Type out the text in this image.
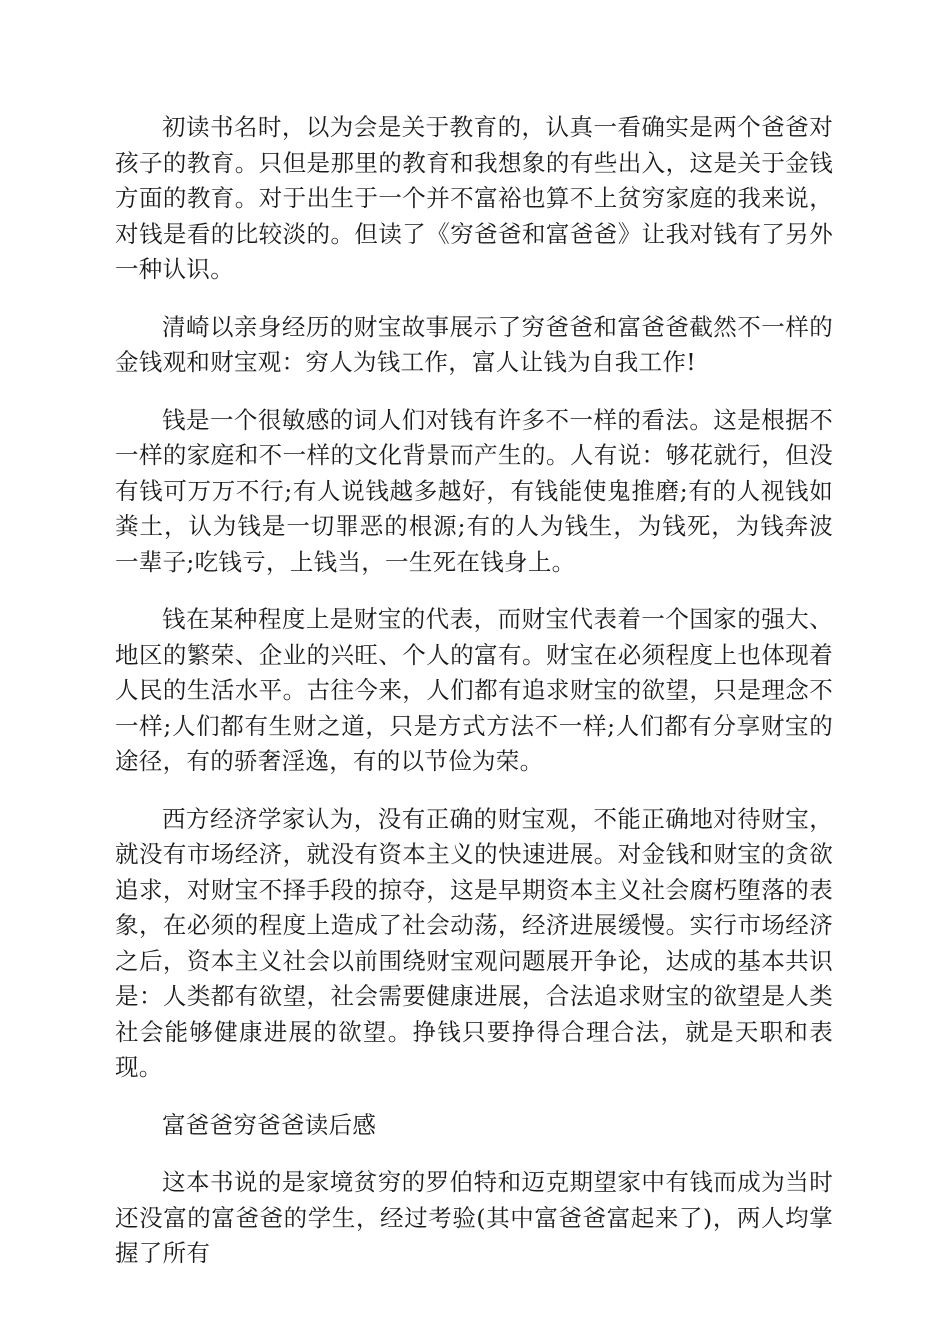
初读书名时，以为会是关于教育的，认真一看确实是两个爸爸对孩子的教育。只但是那里的教育和我想象的有些出入，这是关于金钱方面的教育。对于出生于一个并不富裕也算不上贫穷家庭的我来说，对钱是看的比较淡的。但读了《穷爸爸和富爸爸》让我对钱有了另外一种认识。

清崎以亲身经历的财宝故事展示了穷爸爸和富爸爸截然不一样的金钱观和财宝观：穷人为钱工作，富人让钱为自我工作!

钱是一个很敏感的词人们对钱有许多不一样的看法。这是根据不一样的家庭和不一样的文化背景而产生的。人有说：够花就行，但没有钱可万万不行;有人说钱越多越好，有钱能使鬼推磨;有的人视钱如粪土，认为钱是一切罪恶的根源;有的人为钱生，为钱死，为钱奔波一辈子;吃钱亏，上钱当，一生死在钱身上。

钱在某种程度上是财宝的代表，而财宝代表着一个国家的强大、地区的繁荣、企业的兴旺、个人的富有。财宝在必须程度上也体现着人民的生活水平。古往今来，人们都有追求财宝的欲望，只是理念不一样;人们都有生财之道，只是方式方法不一样;人们都有分享财宝的途径，有的骄奢淫逸，有的以节俭为荣。

西方经济学家认为，没有正确的财宝观，不能正确地对待财宝，就没有市场经济，就没有资本主义的快速进展。对金钱和财宝的贪欲追求，对财宝不择手段的掠夺，这是早期资本主义社会腐朽堕落的表象，在必须的程度上造成了社会动荡，经济进展缓慢。实行市场经济之后，资本主义社会以前围绕财宝观问题展开争论，达成的基本共识是：人类都有欲望，社会需要健康进展，合法追求财宝的欲望是人类社会能够健康进展的欲望。挣钱只要挣得合理合法，就是天职和表现。

富爸爸穷爸爸读后感

这本书说的是家境贫穷的罗伯特和迈克期望家中有钱而成为当时还没富的富爸爸的学生，经过考验(其中富爸爸富起来了)，两人均掌握了所有
